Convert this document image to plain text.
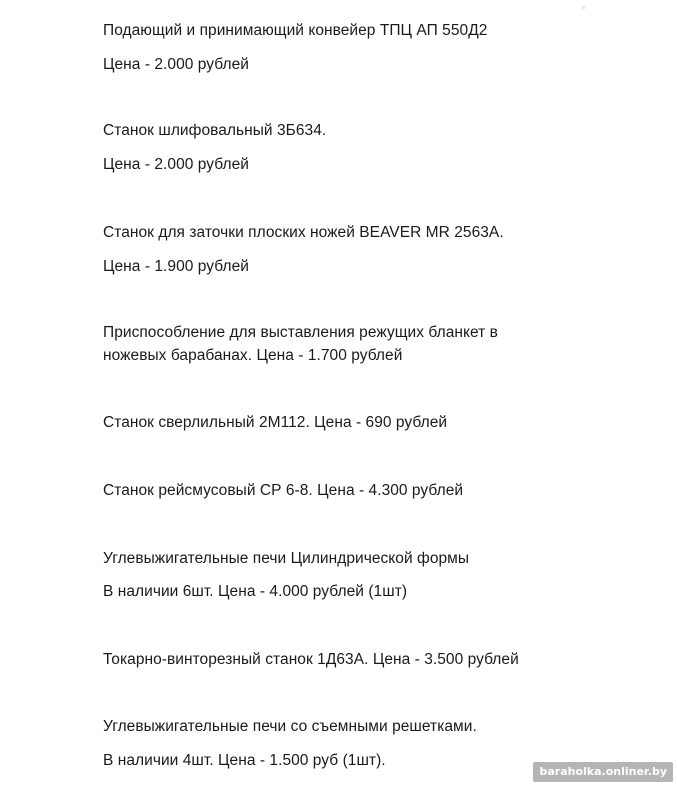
Подающий и принимающий конвейер ТПЦ АП 550Д2
Цена - 2.000 рублей
Станок шлифовальный 3Б634.
Цена - 2.000 рублей
Станок для заточки плоских ножей BEAVER MR 2563A.
Цена - 1.900 рублей
Приспособление для выставления режущих бланкет в
ножевых барабанах. Цена - 1.700 рублей
Станок сверлильный 2М112. Цена - 690 рублей
Станок рейсмусовый СР 6-8. Цена - 4.300 рублей
Углевыжигательные печи Цилиндрической формы
В наличии 6шт. Цена - 4.000 рублей (1шт)
Токарно-винторезный станок 1Д63А. Цена - 3.500 рублей
Углевыжигательные печи со съемными решетками.
В наличии 4шт. Цена - 1.500 руб (1шт).
baraholka.onliner.by
